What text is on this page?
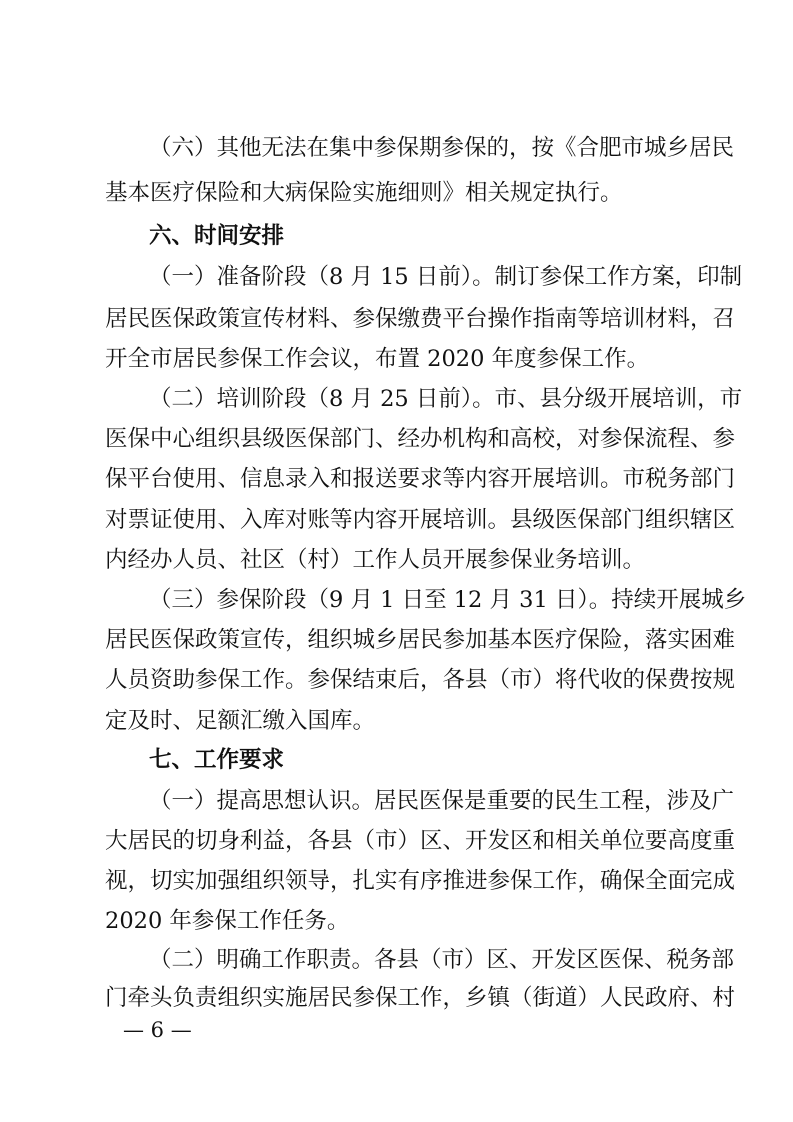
（六）其他无法在集中参保期参保的，按《合肥市城乡居民
基本医疗保险和大病保险实施细则》相关规定执行。
六、时间安排
（一）准备阶段（8 月 15 日前）。制订参保工作方案，印制
居民医保政策宣传材料、参保缴费平台操作指南等培训材料，召
开全市居民参保工作会议，布置 2020 年度参保工作。
（二）培训阶段（8 月 25 日前）。市、县分级开展培训，市
医保中心组织县级医保部门、经办机构和高校，对参保流程、参
保平台使用、信息录入和报送要求等内容开展培训。市税务部门
对票证使用、入库对账等内容开展培训。县级医保部门组织辖区
内经办人员、社区（村）工作人员开展参保业务培训。
（三）参保阶段（9 月 1 日至 12 月 31 日）。持续开展城乡
居民医保政策宣传，组织城乡居民参加基本医疗保险，落实困难
人员资助参保工作。参保结束后，各县（市）将代收的保费按规
定及时、足额汇缴入国库。
七、工作要求
（一）提高思想认识。居民医保是重要的民生工程，涉及广
大居民的切身利益，各县（市）区、开发区和相关单位要高度重
视，切实加强组织领导，扎实有序推进参保工作，确保全面完成
2020 年参保工作任务。
（二）明确工作职责。各县（市）区、开发区医保、税务部
门牵头负责组织实施居民参保工作，乡镇（街道）人民政府、村
— 6 —
